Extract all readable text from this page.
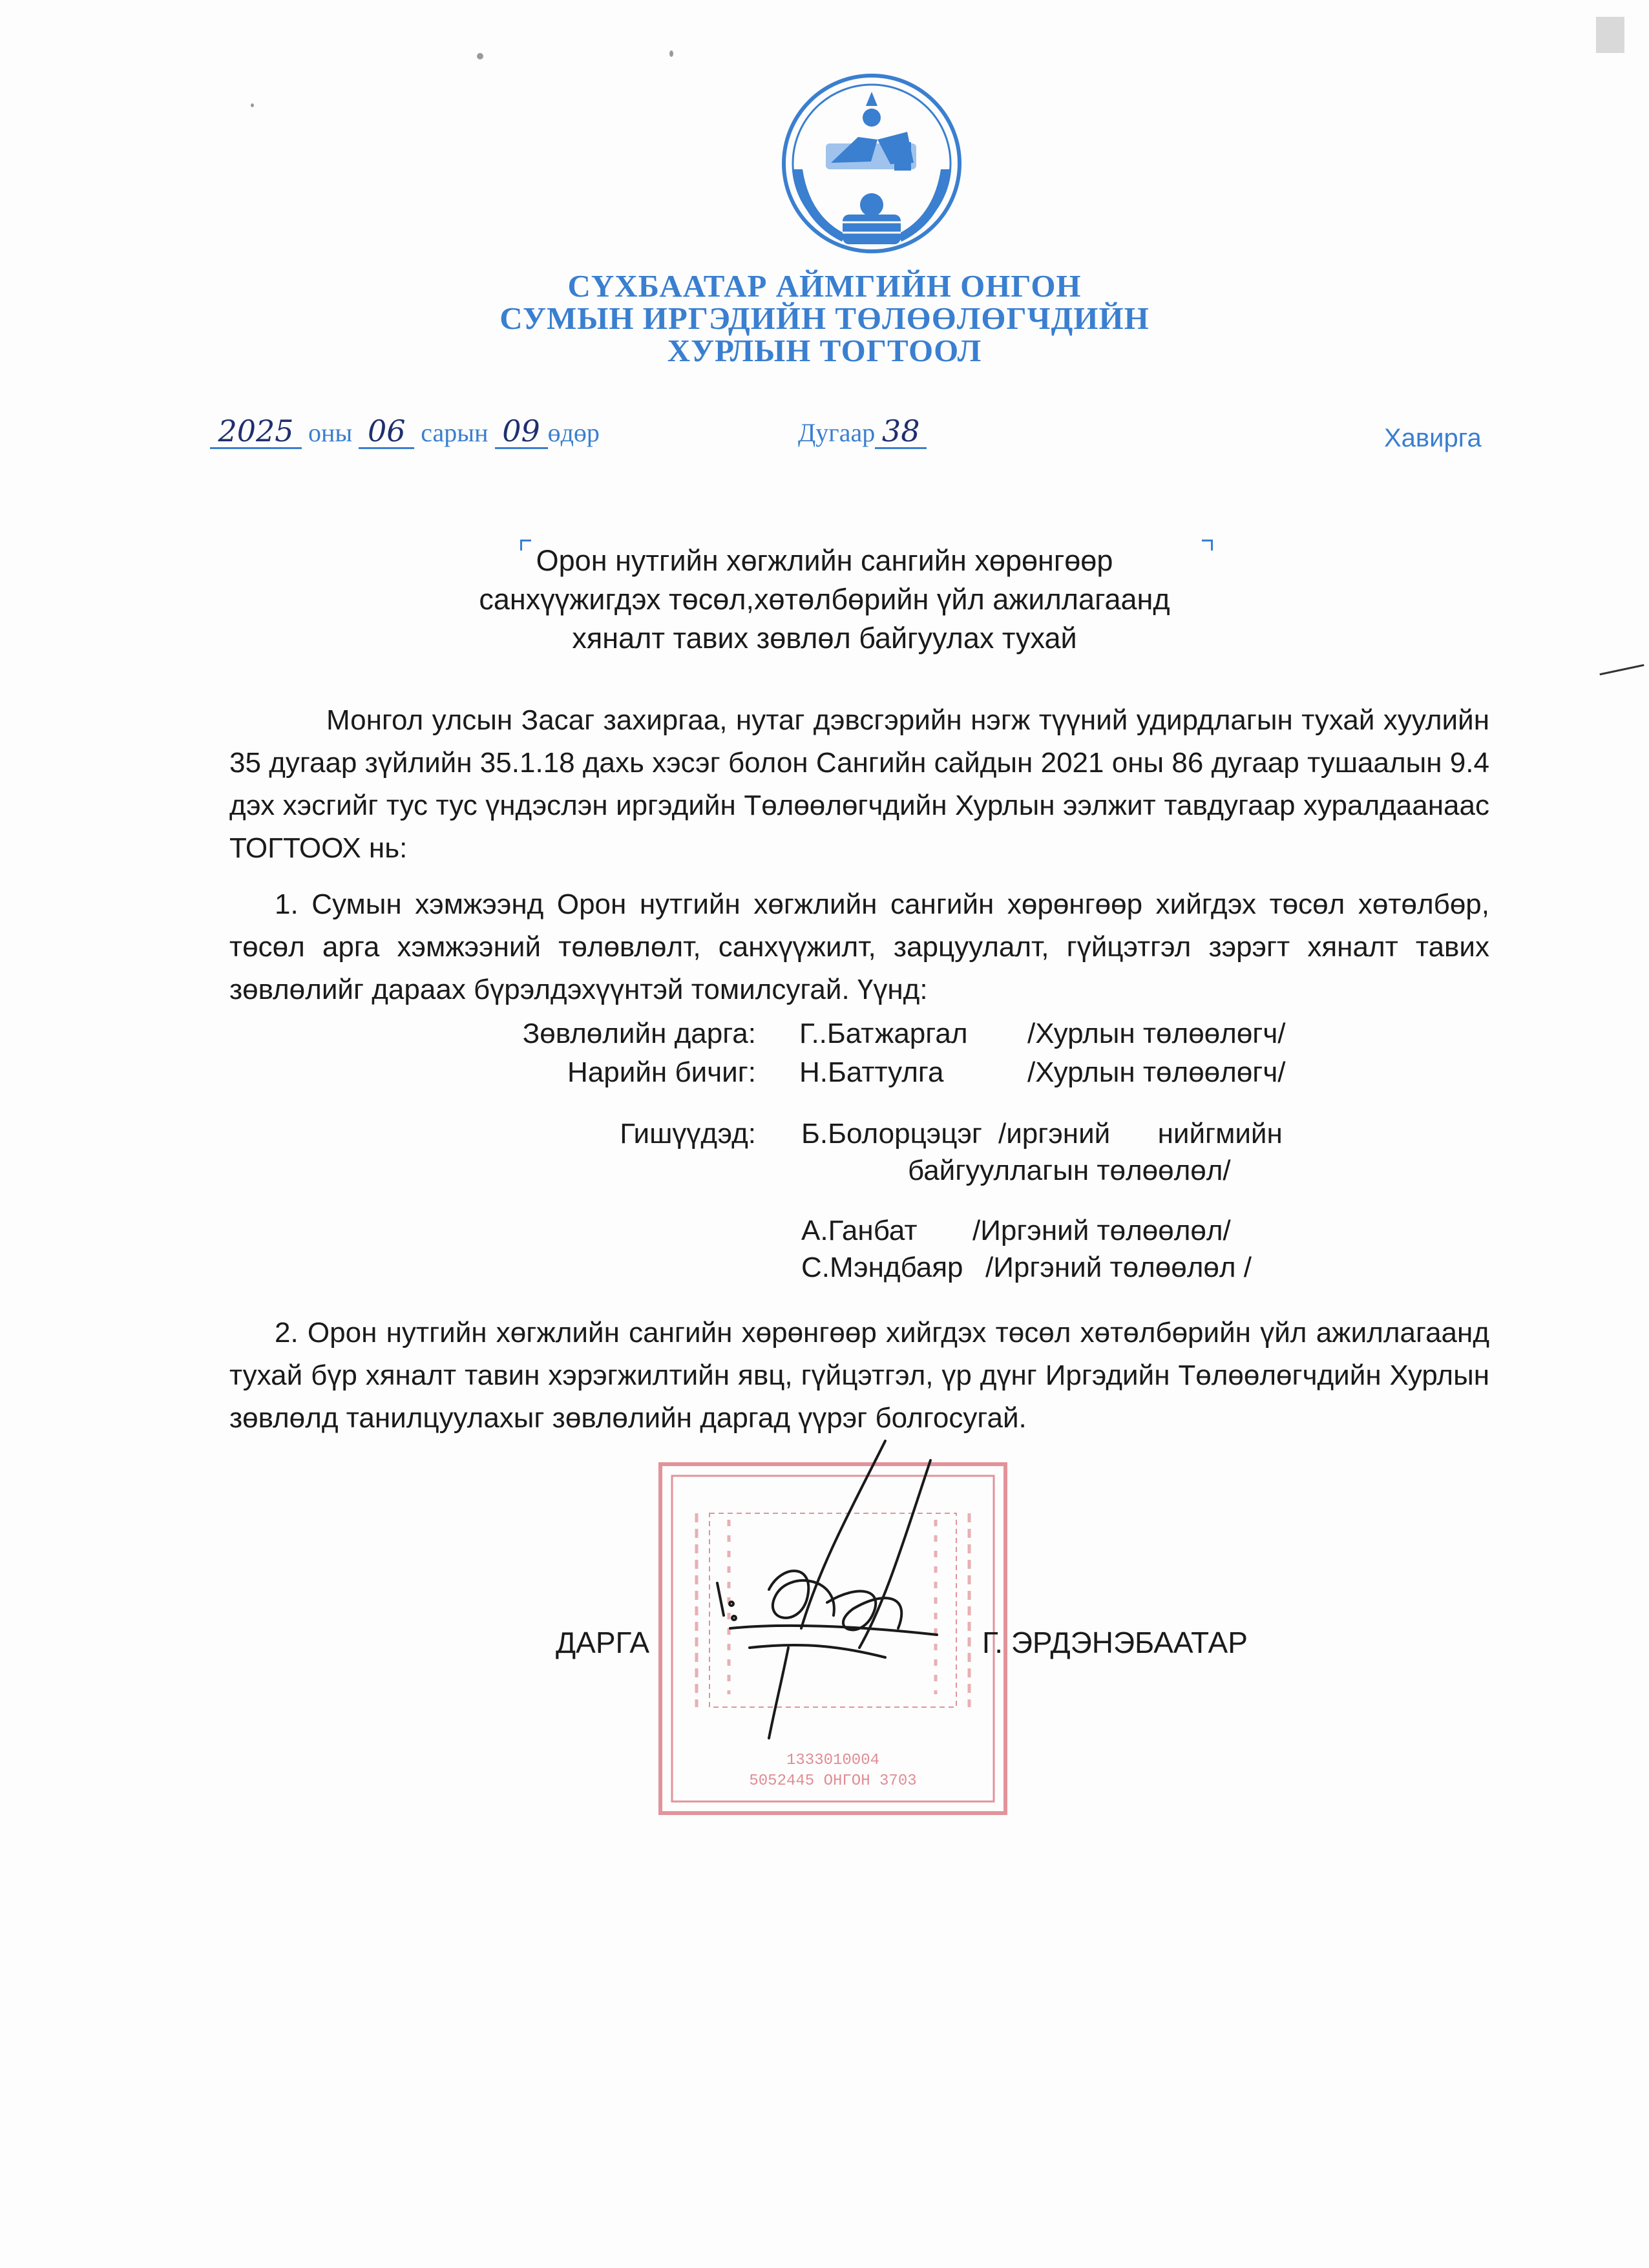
СҮХБААТАР АЙМГИЙН ОНГОН
СУМЫН ИРГЭДИЙН ТӨЛӨӨЛӨГЧДИЙН
ХУРЛЫН ТОГТООЛ
2025 оны 06 сарын 09 өдөр	Дугаар 38	Хавирга
Орон нутгийн хөгжлийн сангийн хөрөнгөөр
санхүүжигдэх төсөл,хөтөлбөрийн үйл ажиллагаанд
хяналт тавих зөвлөл байгуулах тухай
Монгол улсын Засаг захиргаа, нутаг дэвсгэрийн нэгж түүний удирдлагын тухай хуулийн 35 дугаар зүйлийн 35.1.18 дахь хэсэг болон Сангийн сайдын 2021 оны 86 дугаар тушаалын 9.4 дэх хэсгийг тус тус үндэслэн иргэдийн Төлөөлөгчдийн Хурлын ээлжит тавдугаар хуралдаанаас ТОГТООХ нь:
1. Сумын хэмжээнд Орон нутгийн хөгжлийн сангийн хөрөнгөөр хийгдэх төсөл хөтөлбөр, төсөл арга хэмжээний төлөвлөлт, санхүүжилт, зарцуулалт, гүйцэтгэл зэрэгт хяналт тавих зөвлөлийг дараах бүрэлдэхүүнтэй томилсугай. Үүнд:
Зөвлөлийн дарга: Г..Батжаргал /Хурлын төлөөлөгч/
Нарийн бичиг: Н.Баттулга	/Хурлын төлөөлөгч/
Гишүүдэд: Б.Болорцэцэг /иргэний      нийгмийн
байгууллагын төлөөлөл/
А.Ганбат /Иргэний төлөөлөл/
С.Мэндбаяр /Иргэний төлөөлөл /
2. Орон нутгийн хөгжлийн сангийн хөрөнгөөр хийгдэх төсөл хөтөлбөрийн үйл ажиллагаанд тухай бүр хяналт тавин хэрэгжилтийн явц, гүйцэтгэл, үр дүнг Иргэдийн Төлөөлөгчдийн Хурлын зөвлөлд танилцуулахыг зөвлөлийн даргад үүрэг болгосугай.
1333010004
5052445 ОНГОН 3703
ДАРГА	Г. ЭРДЭНЭБААТАР
